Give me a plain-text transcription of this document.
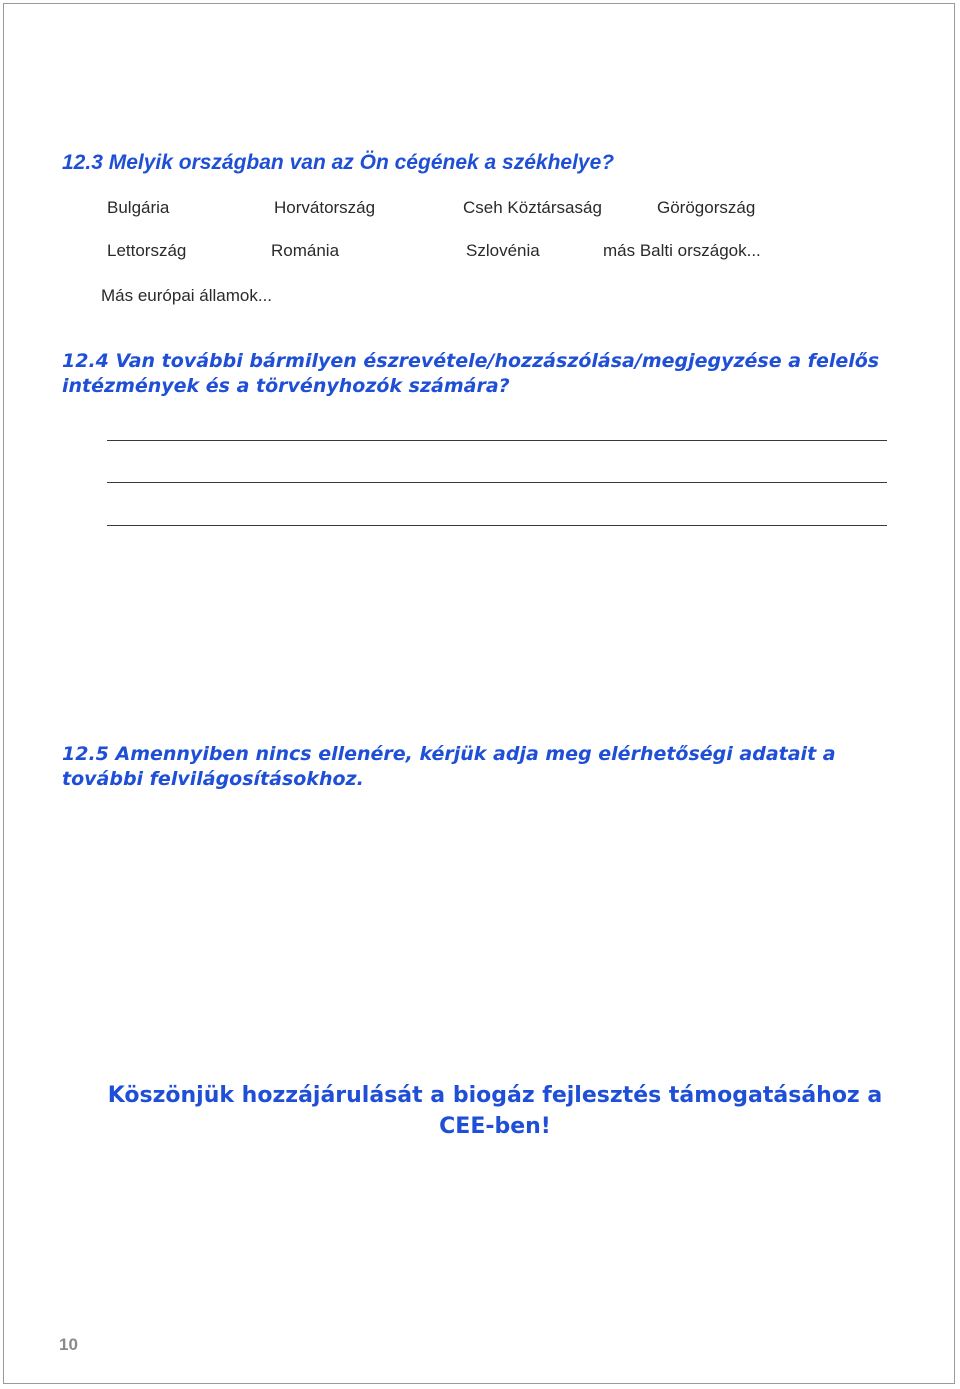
12.3 Melyik országban van az Ön cégének a székhelye?
Bulgária	Horvátország	Cseh Köztársaság	Görögország
Lettország	Románia	Szlovénia	más Balti országok...
Más európai államok...
12.4 Van további bármilyen észrevétele/hozzászólása/megjegyzése a felelős intézmények és a törvényhozók számára?
12.5 Amennyiben nincs ellenére, kérjük adja meg elérhetőségi adatait a további felvilágosításokhoz.

Köszönjük hozzájárulását a biogáz fejlesztés támogatásához a CEE-ben!

10
